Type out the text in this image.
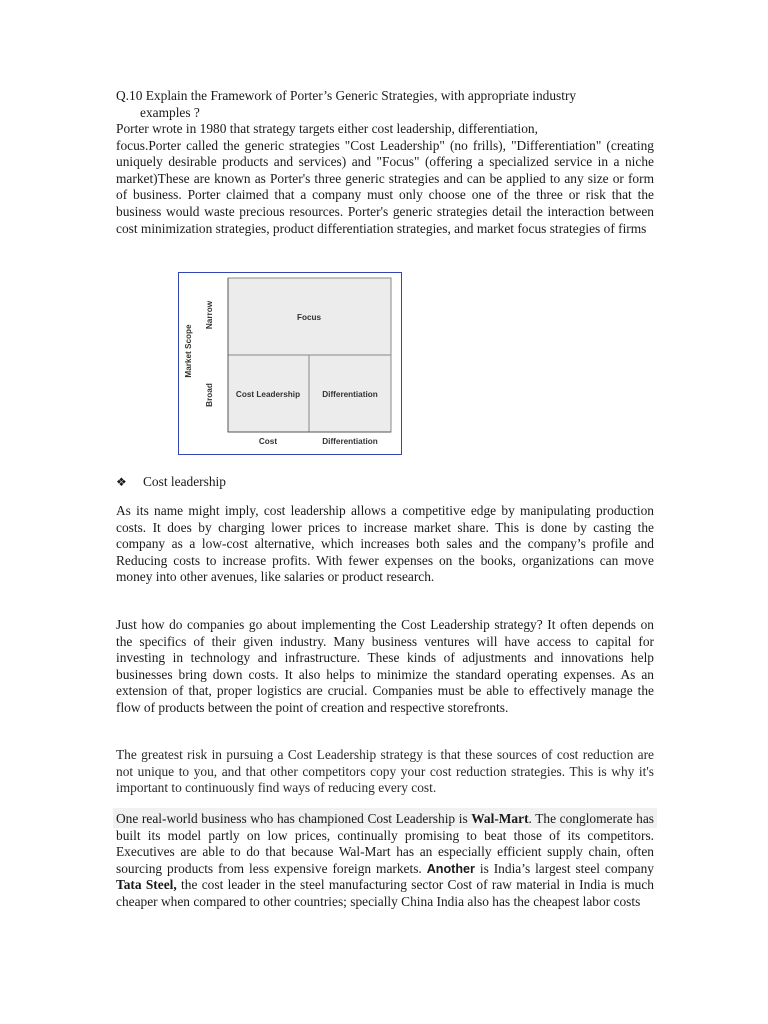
Q.10 Explain the Framework of Porter’s Generic Strategies, with appropriate industry
examples ?
Porter wrote in 1980 that strategy targets either cost leadership, differentiation,
focus.Porter called the generic strategies "Cost Leadership" (no frills), "Differentiation" (creating uniquely desirable products and services) and "Focus" (offering a specialized service in a niche market)These are known as Porter's three generic strategies and can be applied to any size or form of business. Porter claimed that a company must only choose one of the three or risk that the business would waste precious resources. Porter's generic strategies detail the interaction between cost minimization strategies, product differentiation strategies, and market focus strategies of firms
Focus
Cost Leadership	Differentiation
Cost	Differentiation
Market Scope
Narrow
Broad
❖ Cost leadership
As its name might imply, cost leadership allows a competitive edge by manipulating production costs. It does by charging lower prices to increase market share. This is done by casting the company as a low-cost alternative, which increases both sales and the company’s profile and Reducing costs to increase profits. With fewer expenses on the books, organizations can move money into other avenues, like salaries or product research.
Just how do companies go about implementing the Cost Leadership strategy? It often depends on the specifics of their given industry. Many business ventures will have access to capital for investing in technology and infrastructure. These kinds of adjustments and innovations help businesses bring down costs. It also helps to minimize the standard operating expenses. As an extension of that, proper logistics are crucial. Companies must be able to effectively manage the flow of products between the point of creation and respective storefronts.
The greatest risk in pursuing a Cost Leadership strategy is that these sources of cost reduction are not unique to you, and that other competitors copy your cost reduction strategies. This is why it's important to continuously find ways of reducing every cost.
One real-world business who has championed Cost Leadership is Wal-Mart. The conglomerate has built its model partly on low prices, continually promising to beat those of its competitors. Executives are able to do that because Wal-Mart has an especially efficient supply chain, often sourcing products from less expensive foreign markets. Another is India’s largest steel company Tata Steel, the cost leader in the steel manufacturing sector Cost of raw material in India is much cheaper when compared to other countries; specially China India also has the cheapest labor costs
